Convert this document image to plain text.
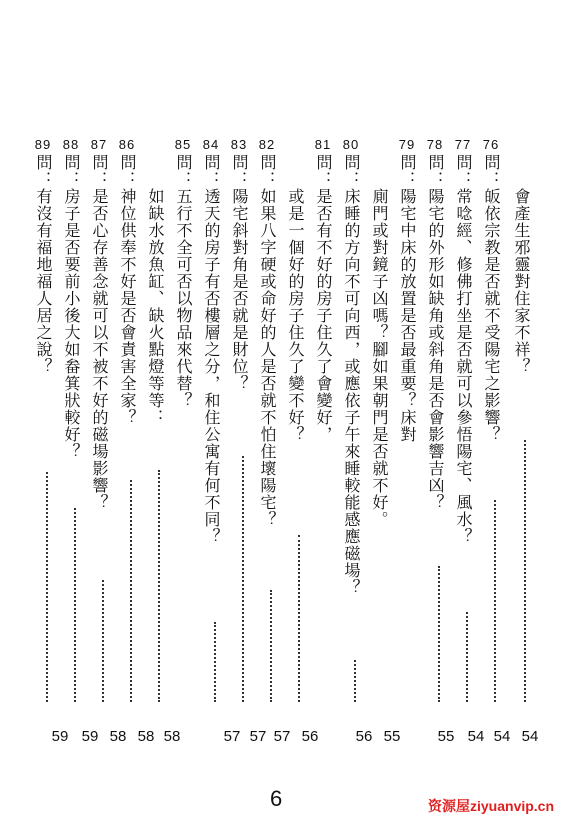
會產生邪靈對住家不祥？
54
76
問
：
皈依宗教是否就不受陽宅之影響？
54
77
問
：
常唸經、修佛打坐是否就可以參悟陽宅、風水？
54
78
問
：
陽宅的外形如缺角或斜角是否會影響吉凶？
55
79
問
：
陽宅中床的放置是否最重要？床對
廁門或對鏡子凶嗎？腳如果朝門是否就不好。
55
80
問
：
床睡的方向不可向西，或應依子午來睡較能感應磁場？
56
81
問
：
是否有不好的房子住久了會變好，
或是一個好的房子住久了變不好？
56
82
問
：
如果八字硬或命好的人是否就不怕住壞陽宅？
57
83
問
：
陽宅斜對角是否就是財位？
57
84
問
：
透天的房子有否樓層之分，和住公寓有何不同？
57
85
問
：
五行不全可否以物品來代替？
如缺水放魚缸、缺火點燈等等：
58
86
問
：
神位供奉不好是否會責害全家？
58
87
問
：
是否心存善念就可以不被不好的磁場影響？
58
88
問
：
房子是否要前小後大如畚箕狀較好？
59
89
問
：
有沒有福地福人居之說？
59
6	资源屋ziyuanvip.cn
